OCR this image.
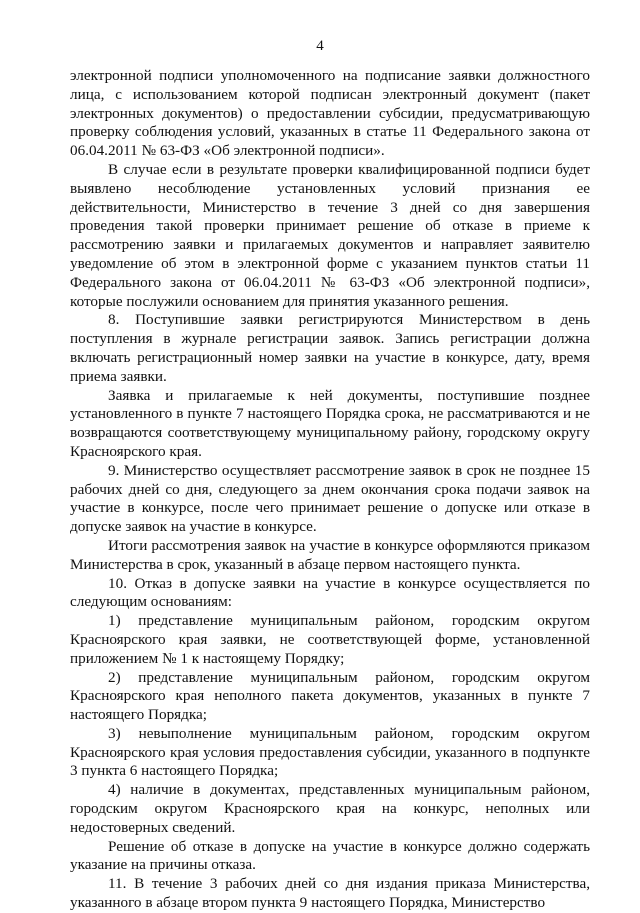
4

электронной подписи уполномоченного на подписание заявки должностного лица, с использованием которой подписан электронный документ (пакет электронных документов) о предоставлении субсидии, предусматривающую проверку соблюдения условий, указанных в статье 11 Федерального закона от 06.04.2011 № 63-ФЗ «Об электронной подписи».

В случае если в результате проверки квалифицированной подписи будет выявлено несоблюдение установленных условий признания ее действительности, Министерство в течение 3 дней со дня завершения проведения такой проверки принимает решение об отказе в приеме к рассмотрению заявки и прилагаемых документов и направляет заявителю уведомление об этом в электронной форме с указанием пунктов статьи 11 Федерального закона от 06.04.2011 № 63-ФЗ «Об электронной подписи», которые послужили основанием для принятия указанного решения.

8. Поступившие заявки регистрируются Министерством в день поступления в журнале регистрации заявок. Запись регистрации должна включать регистрационный номер заявки на участие в конкурсе, дату, время приема заявки.

Заявка и прилагаемые к ней документы, поступившие позднее установленного в пункте 7 настоящего Порядка срока, не рассматриваются и не возвращаются соответствующему муниципальному району, городскому округу Красноярского края.

9. Министерство осуществляет рассмотрение заявок в срок не позднее 15 рабочих дней со дня, следующего за днем окончания срока подачи заявок на участие в конкурсе, после чего принимает решение о допуске или отказе в допуске заявок на участие в конкурсе.

Итоги рассмотрения заявок на участие в конкурсе оформляются приказом Министерства в срок, указанный в абзаце первом настоящего пункта.

10. Отказ в допуске заявки на участие в конкурсе осуществляется по следующим основаниям:

1) представление муниципальным районом, городским округом Красноярского края заявки, не соответствующей форме, установленной приложением № 1 к настоящему Порядку;

2) представление муниципальным районом, городским округом Красноярского края неполного пакета документов, указанных в пункте 7 настоящего Порядка;

3) невыполнение муниципальным районом, городским округом Красноярского края условия предоставления субсидии, указанного в подпункте 3 пункта 6 настоящего Порядка;

4) наличие в документах, представленных муниципальным районом, городским округом Красноярского края на конкурс, неполных или недостоверных сведений.

Решение об отказе в допуске на участие в конкурсе должно содержать указание на причины отказа.

11. В течение 3 рабочих дней со дня издания приказа Министерства, указанного в абзаце втором пункта 9 настоящего Порядка, Министерство
